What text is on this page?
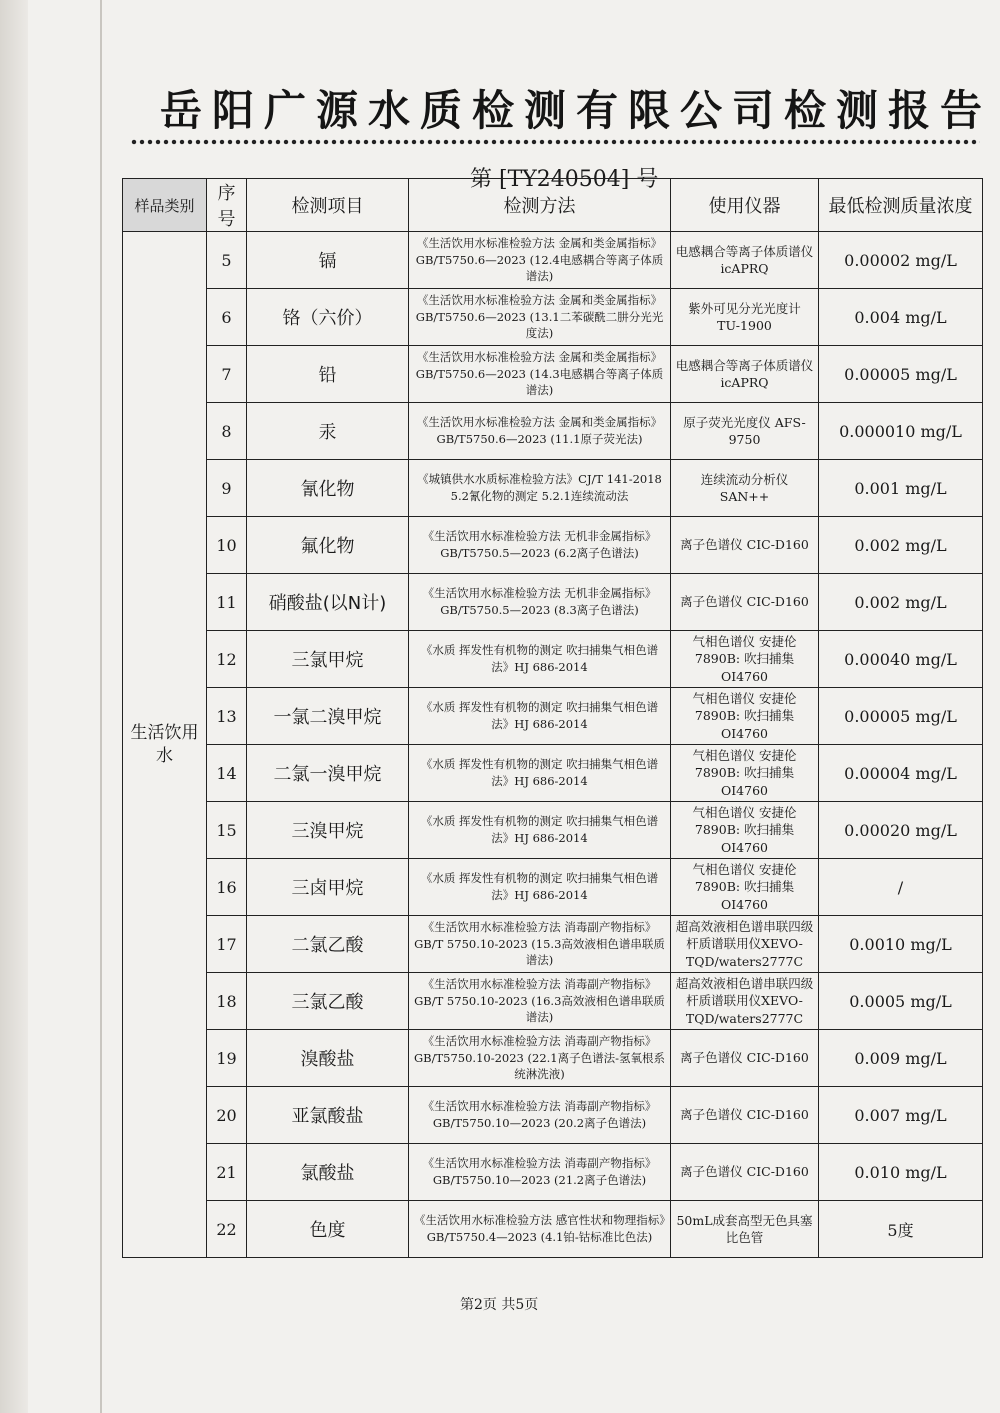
岳阳广源水质检测有限公司检测报告
第 [TY240504] 号
样品类别	序号	检测项目	检测方法	使用仪器	最低检测质量浓度
生活饮用水	5	镉	《生活饮用水标准检验方法 金属和类金属指标》GB/T5750.6—2023 (12.4电感耦合等离子体质谱法)	电感耦合等离子体质谱仪 icAPRQ	0.00002 mg/L
	6	铬（六价）	《生活饮用水标准检验方法 金属和类金属指标》GB/T5750.6—2023 (13.1二苯碳酰二肼分光光度法)	紫外可见分光光度计 TU-1900	0.004 mg/L
	7	铅	《生活饮用水标准检验方法 金属和类金属指标》GB/T5750.6—2023 (14.3电感耦合等离子体质谱法)	电感耦合等离子体质谱仪 icAPRQ	0.00005 mg/L
	8	汞	《生活饮用水标准检验方法 金属和类金属指标》GB/T5750.6—2023 (11.1原子荧光法)	原子荧光光度仪 AFS-9750	0.000010 mg/L
	9	氰化物	《城镇供水水质标准检验方法》CJ/T 141-2018 5.2氰化物的测定 5.2.1连续流动法	连续流动分析仪 SAN++	0.001 mg/L
	10	氟化物	《生活饮用水标准检验方法 无机非金属指标》GB/T5750.5—2023 (6.2离子色谱法)	离子色谱仪 CIC-D160	0.002 mg/L
	11	硝酸盐(以N计)	《生活饮用水标准检验方法 无机非金属指标》GB/T5750.5—2023 (8.3离子色谱法)	离子色谱仪 CIC-D160	0.002 mg/L
	12	三氯甲烷	《水质 挥发性有机物的测定 吹扫捕集气相色谱法》HJ 686-2014	气相色谱仪 安捷伦7890B: 吹扫捕集OI4760	0.00040 mg/L
	13	一氯二溴甲烷	《水质 挥发性有机物的测定 吹扫捕集气相色谱法》HJ 686-2014	气相色谱仪 安捷伦7890B: 吹扫捕集OI4760	0.00005 mg/L
	14	二氯一溴甲烷	《水质 挥发性有机物的测定 吹扫捕集气相色谱法》HJ 686-2014	气相色谱仪 安捷伦7890B: 吹扫捕集OI4760	0.00004 mg/L
	15	三溴甲烷	《水质 挥发性有机物的测定 吹扫捕集气相色谱法》HJ 686-2014	气相色谱仪 安捷伦7890B: 吹扫捕集OI4760	0.00020 mg/L
	16	三卤甲烷	《水质 挥发性有机物的测定 吹扫捕集气相色谱法》HJ 686-2014	气相色谱仪 安捷伦7890B: 吹扫捕集OI4760	/
	17	二氯乙酸	《生活饮用水标准检验方法 消毒副产物指标》GB/T 5750.10-2023 (15.3高效液相色谱串联质谱法)	超高效液相色谱串联四级杆质谱联用仪XEVO-TQD/waters2777C	0.0010 mg/L
	18	三氯乙酸	《生活饮用水标准检验方法 消毒副产物指标》GB/T 5750.10-2023 (16.3高效液相色谱串联质谱法)	超高效液相色谱串联四级杆质谱联用仪XEVO-TQD/waters2777C	0.0005 mg/L
	19	溴酸盐	《生活饮用水标准检验方法 消毒副产物指标》GB/T5750.10-2023 (22.1离子色谱法-氢氧根系统淋洗液)	离子色谱仪 CIC-D160	0.009 mg/L
	20	亚氯酸盐	《生活饮用水标准检验方法 消毒副产物指标》GB/T5750.10—2023 (20.2离子色谱法)	离子色谱仪 CIC-D160	0.007 mg/L
	21	氯酸盐	《生活饮用水标准检验方法 消毒副产物指标》GB/T5750.10—2023 (21.2离子色谱法)	离子色谱仪 CIC-D160	0.010 mg/L
	22	色度	《生活饮用水标准检验方法 感官性状和物理指标》GB/T5750.4—2023 (4.1铂-钴标准比色法)	50mL成套高型无色具塞比色管	5度
第2页 共5页
